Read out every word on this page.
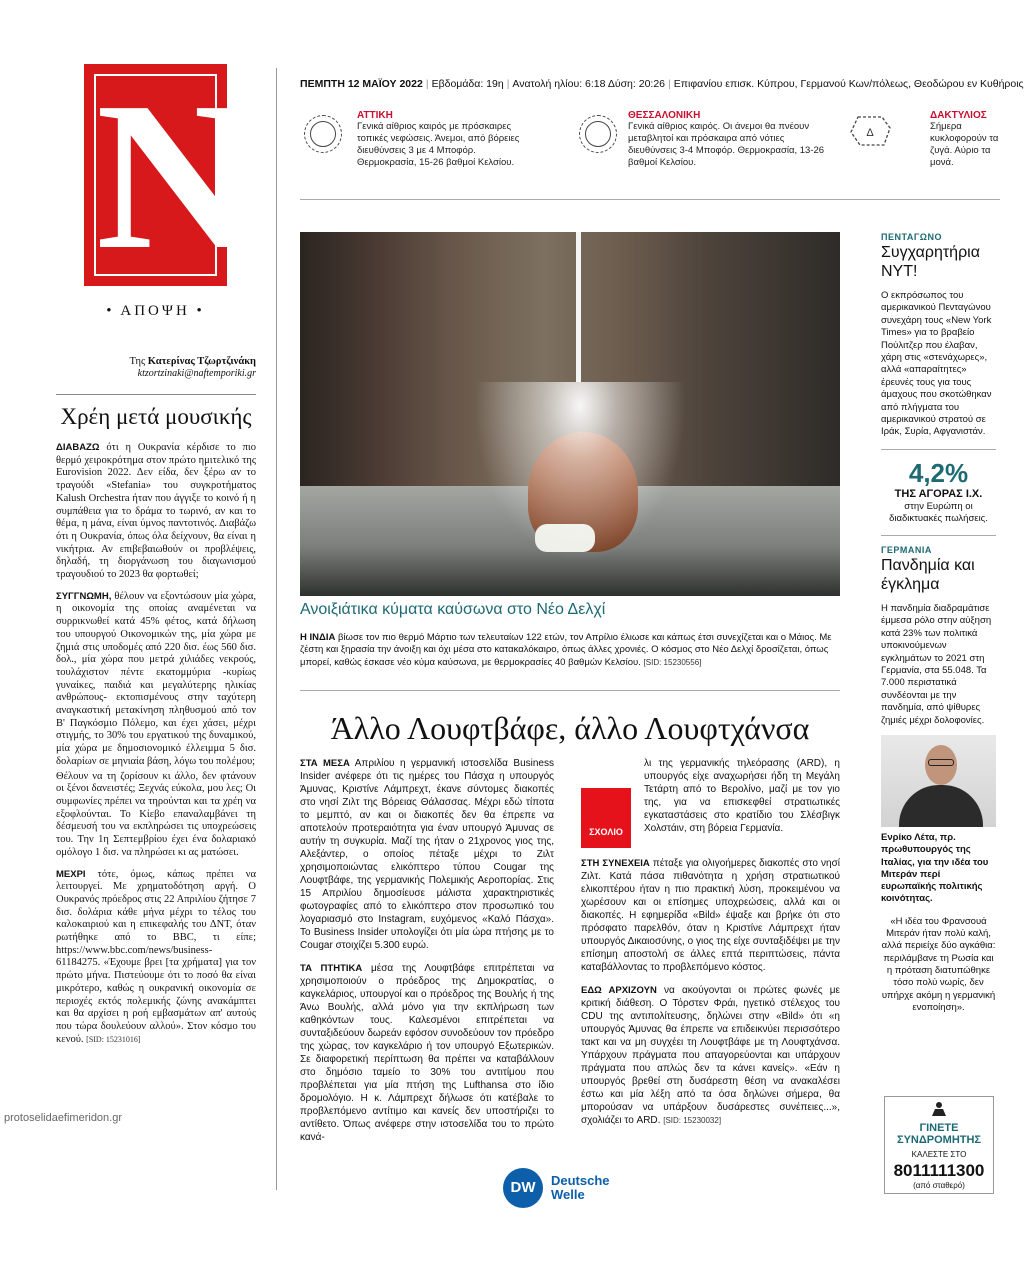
N
• ΑΠΟΨΗ •
Της Κατερίνας Τζωρτζινάκη
ktzortzinaki@naftemporiki.gr
Χρέη μετά μουσικής

ΔΙΑΒΑΖΩ ότι η Ουκρανία κέρδισε το πιο θερμό χειροκρότημα στον πρώτο ημιτελικό της Eurovision 2022. Δεν είδα, δεν ξέρω αν το τραγούδι «Stefania» του συγκροτήματος Kalush Orchestra ήταν που άγγιξε το κοινό ή η συμπάθεια για το δράμα το τωρινό, αν και το θέμα, η μάνα, είναι ύμνος παντοτινός. Διαβάζω ότι η Ουκρανία, όπως όλα δείχνουν, θα είναι η νικήτρια. Αν επιβεβαιωθούν οι προβλέψεις, δηλαδή, τη διοργάνωση του διαγωνισμού τραγουδιού το 2023 θα φορτωθεί;

ΣΥΓΓΝΩΜΗ, θέλουν να εξοντώσουν μία χώρα, η οικονομία της οποίας αναμένεται να συρρικνωθεί κατά 45% φέτος, κατά δήλωση του υπουργού Οικονομικών της, μία χώρα με ζημιά στις υποδομές από 220 δισ. έως 560 δισ. δολ., μία χώρα που μετρά χιλιάδες νεκρούς, τουλάχιστον πέντε εκατομμύρια -κυρίως γυναίκες, παιδιά και μεγαλύτερης ηλικίας ανθρώπους- εκτοπισμένους στην ταχύτερη αναγκαστική μετακίνηση πληθυσμού από τον Β' Παγκόσμιο Πόλεμο, και έχει χάσει, μέχρι στιγμής, το 30% του εργατικού της δυναμικού, μία χώρα με δημοσιονομικό έλλειμμα 5 δισ. δολαρίων σε μηνιαία βάση, λόγω του πολέμου;

Θέλουν να τη ζορίσουν κι άλλο, δεν φτάνουν οι ξένοι δανειστές; Ξεχνάς εύκολα, μου λες; Οι συμφωνίες πρέπει να τηρούνται και τα χρέη να εξοφλούνται. Το Κίεβο επαναλαμβάνει τη δέσμευσή του να εκπληρώσει τις υποχρεώσεις του. Την 1η Σεπτεμβρίου έχει ένα δολαριακό ομόλογο 1 δισ. να πληρώσει κι ας ματώσει.

ΜΕΧΡΙ τότε, όμως, κάπως πρέπει να λειτουργεί. Με χρηματοδότηση αργή. Ο Ουκρανός πρόεδρος στις 22 Απριλίου ζήτησε 7 δισ. δολάρια κάθε μήνα μέχρι το τέλος του καλοκαιριού και η επικεφαλής του ΔΝΤ, όταν ρωτήθηκε από το BBC, τι είπε; https://www.bbc.com/news/business-61184275. «Έχουμε βρει [τα χρήματα] για τον πρώτο μήνα. Πιστεύουμε ότι το ποσό θα είναι μικρότερο, καθώς η ουκρανική οικονομία σε περιοχές εκτός πολεμικής ζώνης ανακάμπτει και θα αρχίσει η ροή εμβασμάτων απ' αυτούς που τώρα δουλεύουν αλλού». Στον κόσμο του κενού. [SID: 15231016]

protoselidaefimeridon.gr
ΠΕΜΠΤΗ 12 ΜΑΪΟΥ 2022 | Εβδομάδα: 19η | Ανατολή ηλίου: 6:18 Δύση: 20:26 | Επιφανίου επισκ. Κύπρου, Γερμανού Κων/πόλεως, Θεοδώρου εν Κυθήροις
ΑΤΤΙΚΗ
Γενικά αίθριος καιρός με πρόσκαιρες τοπικές νεφώσεις. Άνεμοι, από βόρειες διευθύνσεις 3 με 4 Μποφόρ. Θερμοκρασία, 15-26 βαθμοί Κελσίου.
ΘΕΣΣΑΛΟΝΙΚΗ
Γενικά αίθριος καιρός. Οι άνεμοι θα πνέουν μεταβλητοί και πρόσκαιρα από νότιες διευθύνσεις 3-4 Μποφόρ. Θερμοκρασία, 13-26 βαθμοί Κελσίου.
Δ
ΔΑΚΤΥΛΙΟΣ
Σήμερα κυκλοφορούν τα ζυγά. Αύριο τα μονά.
REUTERS/ANUSHREE FADNAVIS
Ανοιξιάτικα κύματα καύσωνα στο Νέο Δελχί
Η ΙΝΔΙΑ βίωσε τον πιο θερμό Μάρτιο των τελευταίων 122 ετών, τον Απρίλιο έλιωσε και κάπως έτσι συνεχίζεται και ο Μάιος. Με ζέστη και ξηρασία την άνοιξη και όχι μέσα στο κατακαλόκαιρο, όπως άλλες χρονιές. Ο κόσμος στο Νέο Δελχί δροσίζεται, όπως μπορεί, καθώς έσκασε νέο κύμα καύσωνα, με θερμοκρασίες 40 βαθμών Κελσίου. [SID: 15230556]
Άλλο Λουφτβάφε, άλλο Λουφτχάνσα

ΣΤΑ ΜΕΣΑ Απριλίου η γερμανική ιστοσελίδα Business Insider ανέφερε ότι τις ημέρες του Πάσχα η υπουργός Άμυνας, Κριστίνε Λάμπρεχτ, έκανε σύντομες διακοπές στο νησί Ζιλτ της Βόρειας Θάλασσας. Μέχρι εδώ τίποτα το μεμπτό, αν και οι διακοπές δεν θα έπρεπε να αποτελούν προτεραιότητα για έναν υπουργό Άμυνας σε αυτήν τη συγκυρία. Μαζί της ήταν ο 21χρονος γιος της, Αλεξάντερ, ο οποίος πέταξε μέχρι το Ζιλτ χρησιμοποιώντας ελικόπτερο τύπου Cougar της Λουφτβάφε, της γερμανικής Πολεμικής Αεροπορίας. Στις 15 Απριλίου δημοσίευσε μάλιστα χαρακτηριστικές φωτογραφίες από το ελικόπτερο στον προσωπικό του λογαριασμό στο Instagram, ευχόμενος «Καλό Πάσχα». Το Business Insider υπολογίζει ότι μία ώρα πτήσης με το Cougar στοιχίζει 5.300 ευρώ.

ΤΑ ΠΤΗΤΙΚΑ μέσα της Λουφτβάφε επιτρέπεται να χρησιμοποιούν ο πρόεδρος της Δημοκρατίας, ο καγκελάριος, υπουργοί και ο πρόεδρος της Βουλής ή της Άνω Βουλής, αλλά μόνο για την εκπλήρωση των καθηκόντων τους. Καλεσμένοι επιτρέπεται να συνταξιδεύουν δωρεάν εφόσον συνοδεύουν τον πρόεδρο της χώρας, τον καγκελάριο ή τον υπουργό Εξωτερικών. Σε διαφορετική περίπτωση θα πρέπει να καταβάλλουν στο δημόσιο ταμείο το 30% του αντιτίμου που προβλέπεται για μία πτήση της Lufthansa στο ίδιο δρομολόγιο. Η κ. Λάμπρεχτ δήλωσε ότι κατέβαλε το προβλεπόμενο αντίτιμο και κανείς δεν υποστήριζει το αντίθετο. Όπως ανέφερε στην ιστοσελίδα του το πρώτο κανά-

ΣΧΟΛΙΟ
λι της γερμανικής τηλεόρασης (ARD), η υπουργός είχε αναχωρήσει ήδη τη Μεγάλη Τετάρτη από το Βερολίνο, μαζί με τον γιο της, για να επισκεφθεί στρατιωτικές εγκαταστάσεις στο κρατίδιο του Σλέσβιγκ Χολστάιν, στη βόρεια Γερμανία.

ΣΤΗ ΣΥΝΕΧΕΙΑ πέταξε για ολιγοήμερες διακοπές στο νησί Ζιλτ. Κατά πάσα πιθανότητα η χρήση στρατιωτικού ελικοπτέρου ήταν η πιο πρακτική λύση, προκειμένου να χωρέσουν και οι επίσημες υποχρεώσεις, αλλά και οι διακοπές. Η εφημερίδα «Bild» έψαξε και βρήκε ότι στο πρόσφατο παρελθόν, όταν η Κριστίνε Λάμπρεχτ ήταν υπουργός Δικαιοσύνης, ο γιος της είχε συνταξιδέψει με την επίσημη αποστολή σε άλλες επτά περιπτώσεις, πάντα καταβάλλοντας το προβλεπόμενο κόστος.

ΕΔΩ ΑΡΧΙΖΟΥΝ να ακούγονται οι πρώτες φωνές με κριτική διάθεση. Ο Τόρστεν Φράι, ηγετικό στέλεχος του CDU της αντιπολίτευσης, δηλώνει στην «Bild» ότι «η υπουργός Άμυνας θα έπρεπε να επιδεικνύει περισσότερο τακτ και να μη συγχέει τη Λουφτβάφε με τη Λουφτχάνσα. Υπάρχουν πράγματα που απαγορεύονται και υπάρχουν πράγματα που απλώς δεν τα κάνει κανείς». «Εάν η υπουργός βρεθεί στη δυσάρεστη θέση να ανακαλέσει έστω και μία λέξη από τα όσα δηλώνει σήμερα, θα μπορούσαν να υπάρξουν δυσάρεστες συνέπειες...», σχολιάζει το ARD. [SID: 15230032]

DW	Deutsche
Welle
ΠΕΝΤΑΓΩΝΟ
Συγχαρητήρια NYT!
Ο εκπρόσωπος του αμερικανικού Πενταγώνου συνεχάρη τους «New York Times» για το βραβείο Πούλιτζερ που έλαβαν, χάρη στις «στενάχωρες», αλλά «απαραίτητες» έρευνές τους για τους άμαχους που σκοτώθηκαν από πλήγματα του αμερικανικού στρατού σε Ιράκ, Συρία, Αφγανιστάν.
4,2%
ΤΗΣ ΑΓΟΡΑΣ Ι.Χ.
στην Ευρώπη οι διαδικτυακές πωλήσεις.
ΓΕΡΜΑΝΙΑ
Πανδημία και έγκλημα
Η πανδημία διαδραμάτισε έμμεσα ρόλο στην αύξηση κατά 23% των πολιτικά υποκινούμενων εγκλημάτων το 2021 στη Γερμανία, στα 55.048. Τα 7.000 περιστατικά συνδέονται με την πανδημία, από ψίθυρες ζημιές μέχρι δολοφονίες.
Ενρίκο Λέτα, πρ. πρωθυπουργός της Ιταλίας, για την ιδέα του Μιτεράν περί ευρωπαϊκής πολιτικής κοινότητας.
«Η ιδέα του Φρανσουά Μιτεράν ήταν πολύ καλή, αλλά περιείχε δύο αγκάθια: περιλάμβανε τη Ρωσία και η πρόταση διατυπώθηκε τόσο πολύ νωρίς, δεν υπήρχε ακόμη η γερμανική ενοποίηση».
ΓΙΝΕΤΕ ΣΥΝΔΡΟΜΗΤΗΣ
ΚΑΛΕΣΤΕ ΣΤΟ
8011111300
(από σταθερό)
